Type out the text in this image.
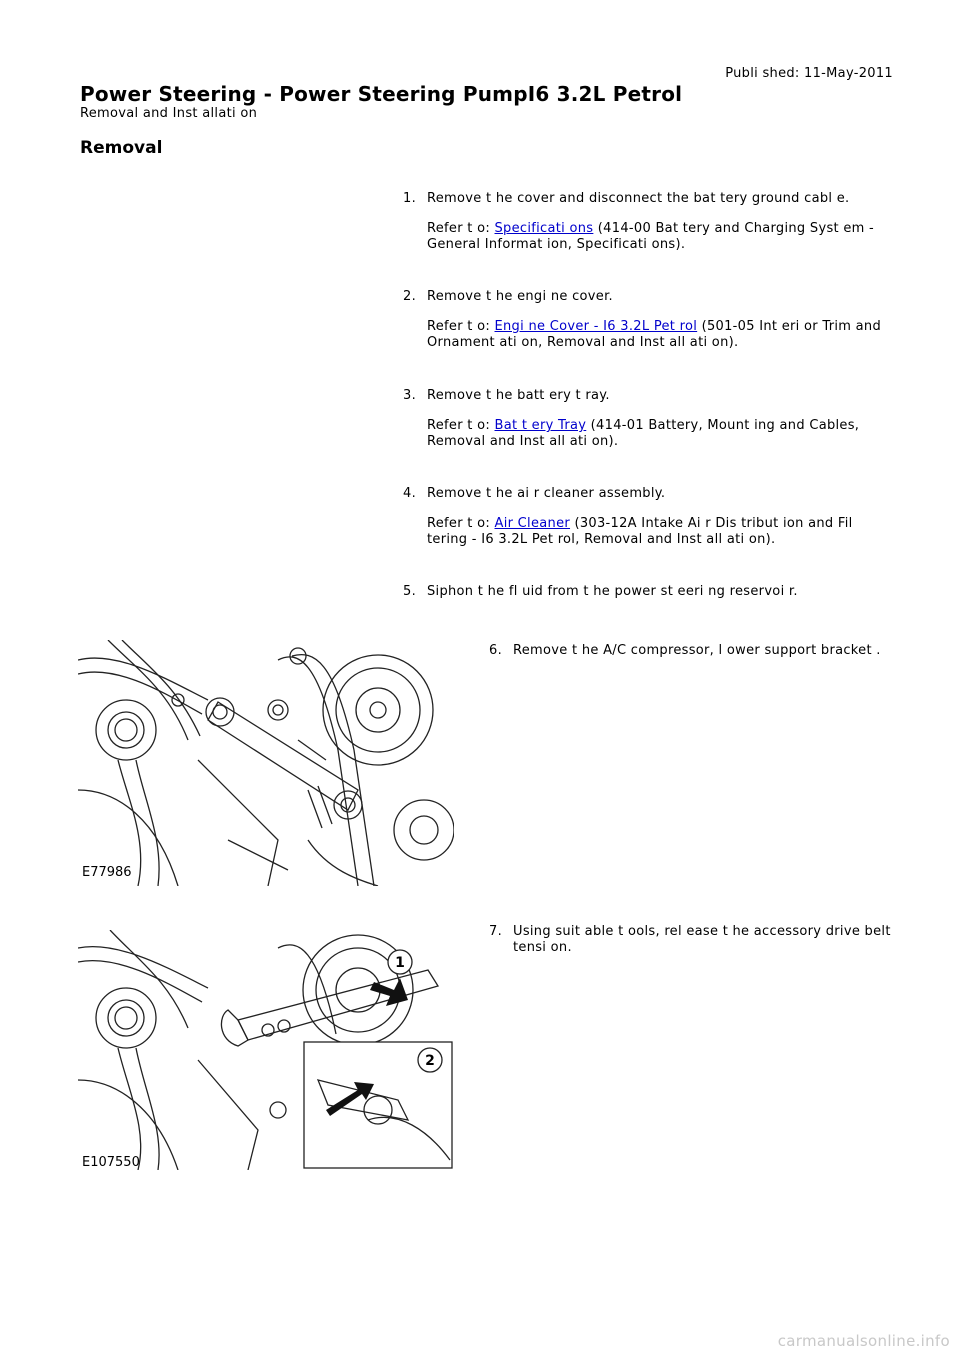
Publi shed: 11-May-2011
Power Steering - Power Steering PumpI6 3.2L Petrol
Removal and Inst allati on
Removal
1. Remove t he cover and disconnect the bat tery ground cabl e.
Refer t o: Specificati ons (414-00 Bat tery and Charging Syst em - General Informat ion, Specificati ons).
2. Remove t he engi ne cover.
Refer t o: Engi ne Cover - I6 3.2L Pet rol (501-05 Int eri or Trim and Ornament ati on, Removal and Inst all ati on).
3. Remove t he batt ery t ray.
Refer t o: Bat t ery Tray (414-01 Battery, Mount ing and Cables, Removal and Inst all ati on).
4. Remove t he ai r cleaner assembly.
Refer t o: Air Cleaner (303-12A Intake Ai r Dis tribut ion and Fil tering - I6 3.2L Pet rol, Removal and Inst all ati on).
5. Siphon t he fl uid from t he power st eeri ng reservoi r.
6. Remove t he A/C compressor, l ower support bracket .
7. Using suit able t ools, rel ease t he accessory drive belt
tensi on.
E77986
1
2
E107550
carmanualsonline.info
